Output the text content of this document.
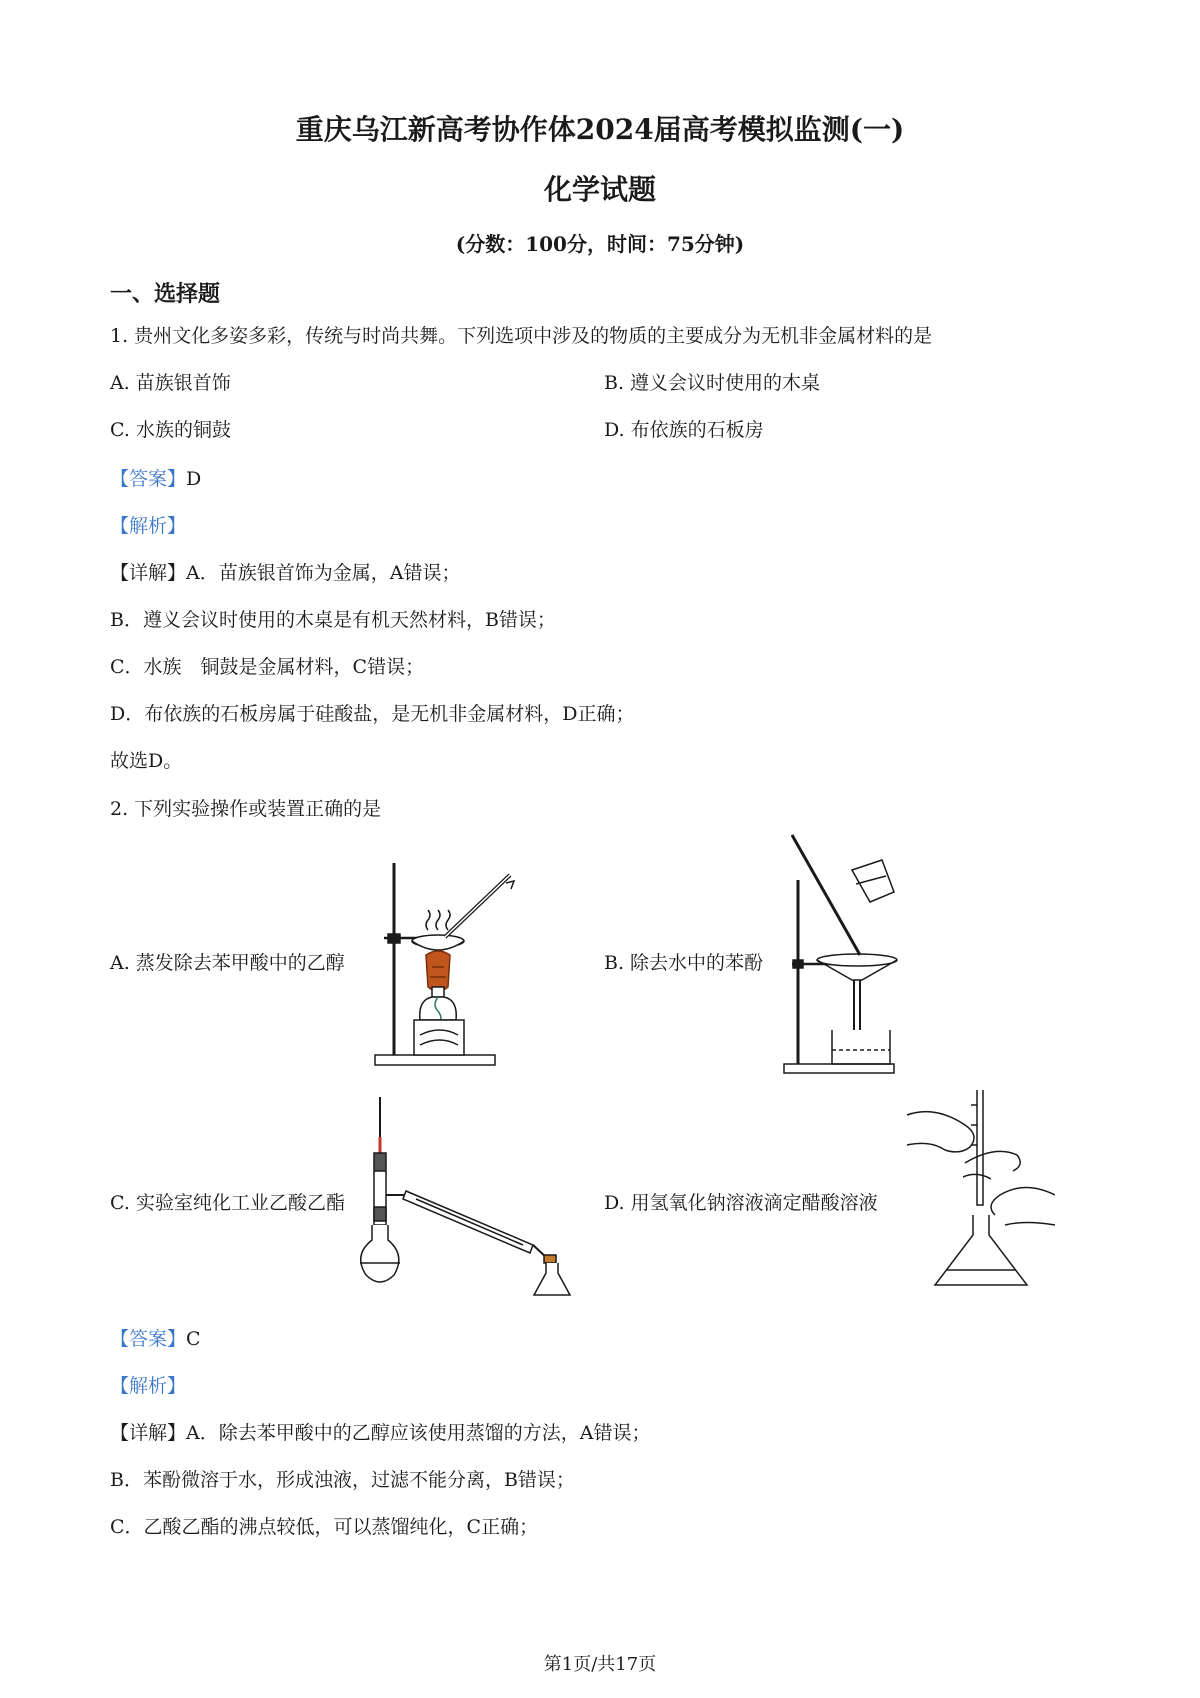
重庆乌江新高考协作体2024届高考模拟监测(一)
化学试题
(分数：100分，时间：75分钟)
一、选择题
1. 贵州文化多姿多彩，传统与时尚共舞。下列选项中涉及的物质的主要成分为无机非金属材料的是
A. 苗族银首饰	B. 遵义会议时使用的木桌
C. 水族的铜鼓	D. 布依族的石板房
【答案】D
【解析】
【详解】A．苗族银首饰为金属，A错误；
B．遵义会议时使用的木桌是有机天然材料，B错误；
C．水族　铜鼓是金属材料，C错误；
D．布依族的石板房属于硅酸盐，是无机非金属材料，D正确；
故选D。
2. 下列实验操作或装置正确的是
A. 蒸发除去苯甲酸中的乙醇	B. 除去水中的苯酚
C. 实验室纯化工业乙酸乙酯	D. 用氢氧化钠溶液滴定醋酸溶液
【答案】C
【解析】
【详解】A．除去苯甲酸中的乙醇应该使用蒸馏的方法，A错误；
B．苯酚微溶于水，形成浊液，过滤不能分离，B错误；
C．乙酸乙酯的沸点较低，可以蒸馏纯化，C正确；
第1页/共17页
